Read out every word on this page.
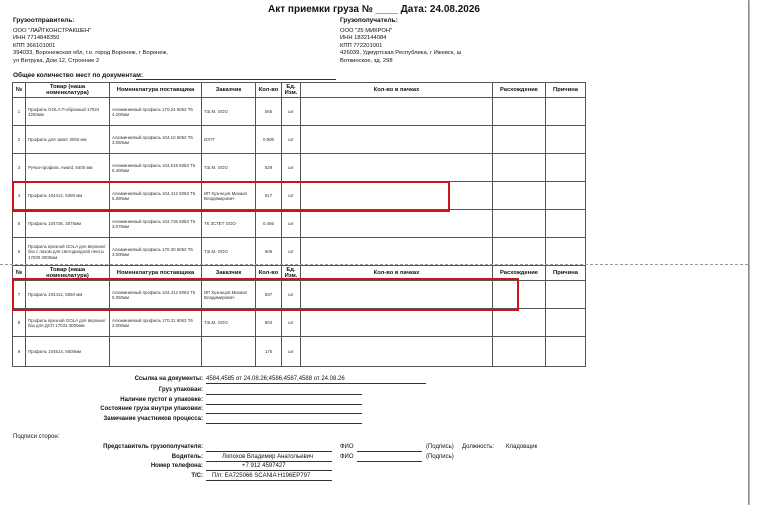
Акт приемки груза № ____ Дата: 24.08.2026
Грузоотправитель:
ООО "ЛАЙТКОНСТРАКШЕН"
ИНН 7714848350
КПП 366101001
394033, Воронежская обл, г.о. город Воронеж, г Воронеж,
ул Витрука, Дом 12, Строение 2
Грузополучатель:
ООО "25 МИКРОН"
ИНН 1832144084
КПП 772201001
426039, Удмуртская Республика, г Ижевск, ш
Воткинское, зд. 298
Общее количество мест по документам:
№	Товар (наша номенклатура)	Номенклатура поставщика	Заказчик	Кол-во	Ед. Изм.	Кол-во в пачках	Расхождение	Причина
1	Профиль GOLA П-образный 17024 4200мм	Алюминиевый профиль 170.24 6063 Т6 4.200мм	Т.Б.М. ООО	566	шт			
2	Профиль для завес 3050 мм	Алюминиевый профиль 104.10 6063 Т6 3.050мм	ИЗТТ	0.906	шт			
3	Ручка-профиль Award, 5400 мм	Алюминиевый профиль 104.519 6063 Т6 5.400мм	Т.Б.М. ООО	529	шт			
4	Профиль 104412, 5390 мм	Алюминиевый профиль 104.412 6063 Т6 5.390мм	ИП Кузнецов Михаил Владимирович	617	шт			
5	Профиль 104736, 3075мм	Алюминиевый профиль 104.736 6063 Т6 3.075мм	ТК ЗСТЕТ ООО	0.466	шт			
6	Профиль врезной GOLA для верхних/баз с пазом для светодиодной ленты 17030 3000мм	Алюминиевый профиль 170.30 6063 Т6 3.000мм	Т.Б.М. ООО	606	шт			
№	Товар (наша номенклатура)	Номенклатура поставщика	Заказчик	Кол-во	Ед. Изм.	Кол-во в пачках	Расхождение	Причина
7	Профиль 104412, 5050 мм	Алюминиевый профиль 104.412 6063 Т6 5.050мм	ИП Кузнецов Михаил Владимирович	837	шт			
8	Профиль врезной GOLA для верхних/баз для ДСП 17031 3000мм	Алюминиевый профиль 170.31 6063 Т6 3.000мм	Т.Б.М. ООО	804	шт			
9	Профиль 104514, 5600мм			176	шт			
Ссылка на документы: 4584,4585 от 24.08.26;4586,4587,4588 от 24.08.26
Груз упакован:
Наличие пустот в упаковке:
Состояние груза внутри упаковки:
Замечание участников процесса:
Подписи сторон:
Представитель грузополучателя:	ФИО	(Подпись) Должность: Кладовщик
Водитель:	Лопохов Владимир Анатольевич	ФИО	(Подпись)
Номер телефона:	+7 912 4597427
Т/С: П/п: ЕА725066 SCANIA Н196ЕР797
